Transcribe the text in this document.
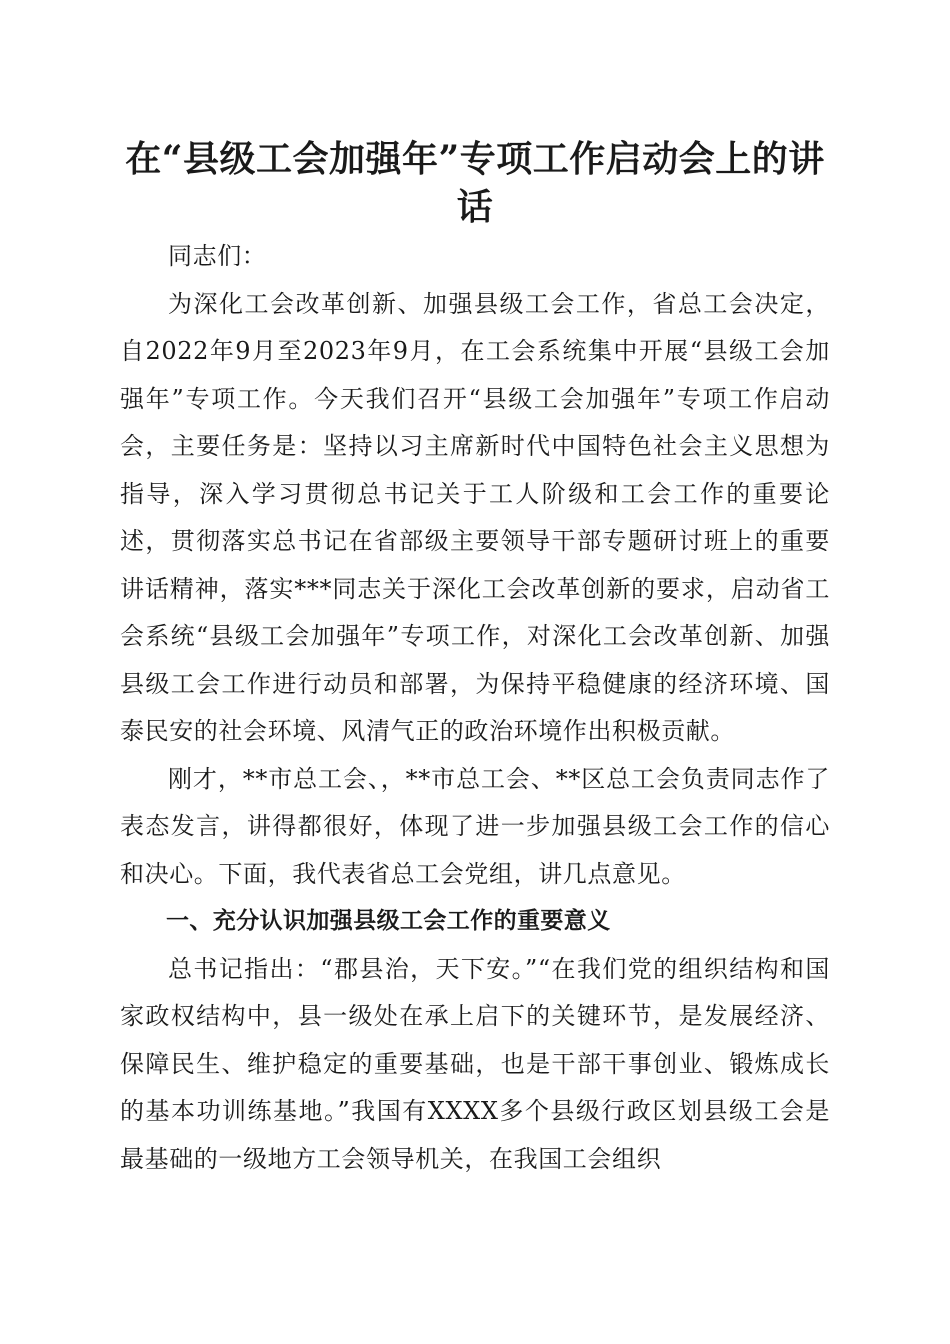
在“县级工会加强年”专项工作启动会上的讲话

同志们：

为深化工会改革创新、加强县级工会工作，省总工会决定，自2022年9月至2023年9月，在工会系统集中开展“县级工会加强年”专项工作。今天我们召开“县级工会加强年”专项工作启动会，主要任务是：坚持以习主席新时代中国特色社会主义思想为指导，深入学习贯彻总书记关于工人阶级和工会工作的重要论述，贯彻落实总书记在省部级主要领导干部专题研讨班上的重要讲话精神，落实***同志关于深化工会改革创新的要求，启动省工会系统“县级工会加强年”专项工作，对深化工会改革创新、加强县级工会工作进行动员和部署，为保持平稳健康的经济环境、国泰民安的社会环境、风清气正的政治环境作出积极贡献。

刚才，**市总工会、，**市总工会、**区总工会负责同志作了表态发言，讲得都很好，体现了进一步加强县级工会工作的信心和决心。下面，我代表省总工会党组，讲几点意见。

一、充分认识加强县级工会工作的重要意义

总书记指出：“郡县治，天下安。”“在我们党的组织结构和国家政权结构中，县一级处在承上启下的关键环节，是发展经济、保障民生、维护稳定的重要基础，也是干部干事创业、锻炼成长的基本功训练基地。”我国有XXXX多个县级行政区划县级工会是最基础的一级地方工会领导机关，在我国工会组织
